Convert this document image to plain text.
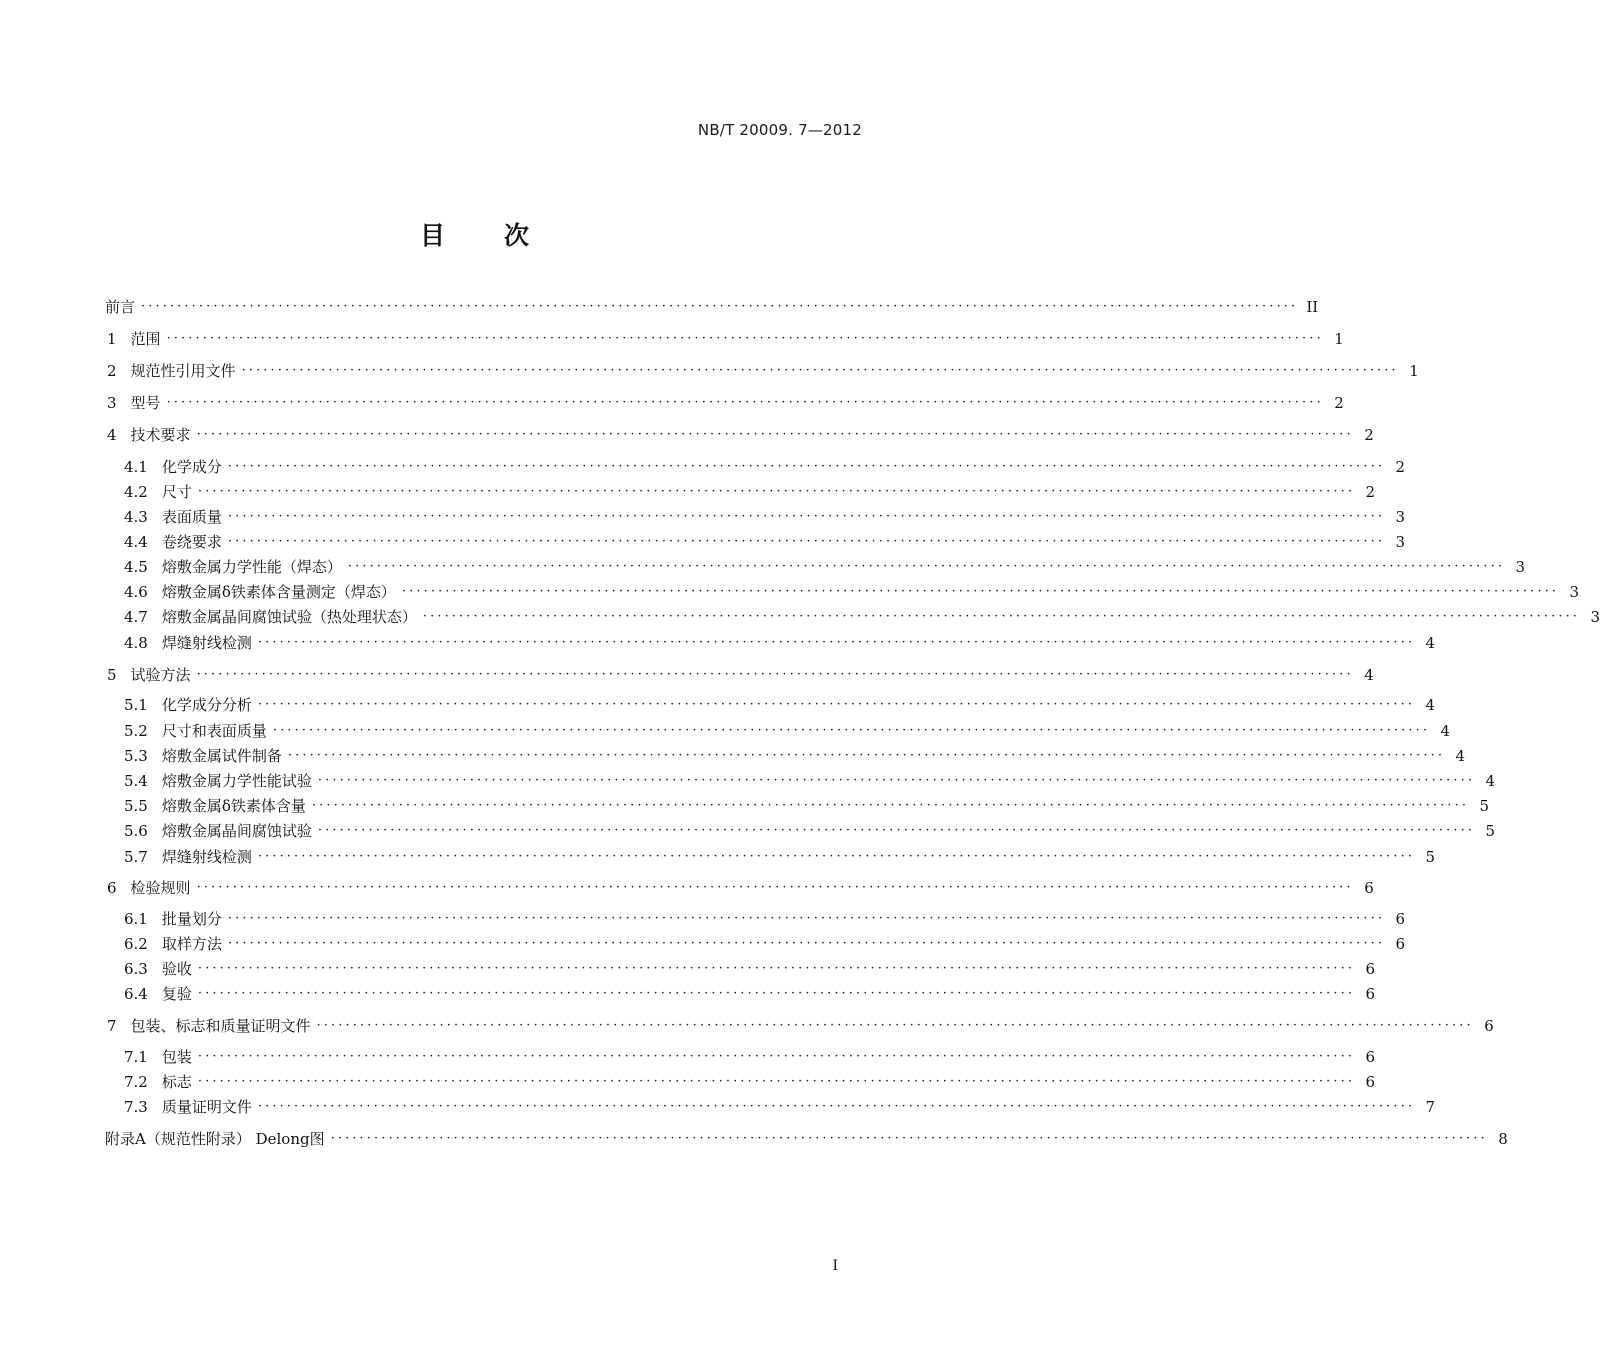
NB/T 20009. 7—2012
目 次
前言 ································································································································································ II
1 范围 ································································································································································ 1
2 规范性引用文件 ································································································································································ 1
3 型号 ································································································································································ 2
4 技术要求 ································································································································································ 2
4.1 化学成分 ································································································································································ 2
4.2 尺寸 ································································································································································ 2
4.3 表面质量 ································································································································································ 3
4.4 卷绕要求 ································································································································································ 3
4.5 熔敷金属力学性能（焊态） ································································································································································ 3
4.6 熔敷金属δ铁素体含量测定（焊态） ································································································································································ 3
4.7 熔敷金属晶间腐蚀试验（热处理状态） ································································································································································ 3
4.8 焊缝射线检测 ································································································································································ 4
5 试验方法 ································································································································································ 4
5.1 化学成分分析 ································································································································································ 4
5.2 尺寸和表面质量 ································································································································································ 4
5.3 熔敷金属试件制备 ································································································································································ 4
5.4 熔敷金属力学性能试验 ································································································································································ 4
5.5 熔敷金属δ铁素体含量 ································································································································································ 5
5.6 熔敷金属晶间腐蚀试验 ································································································································································ 5
5.7 焊缝射线检测 ································································································································································ 5
6 检验规则 ································································································································································ 6
6.1 批量划分 ································································································································································ 6
6.2 取样方法 ································································································································································ 6
6.3 验收 ································································································································································ 6
6.4 复验 ································································································································································ 6
7 包装、标志和质量证明文件 ································································································································································ 6
7.1 包装 ································································································································································ 6
7.2 标志 ································································································································································ 6
7.3 质量证明文件 ································································································································································ 7
附录A（规范性附录） Delong图 ································································································································································ 8
I
